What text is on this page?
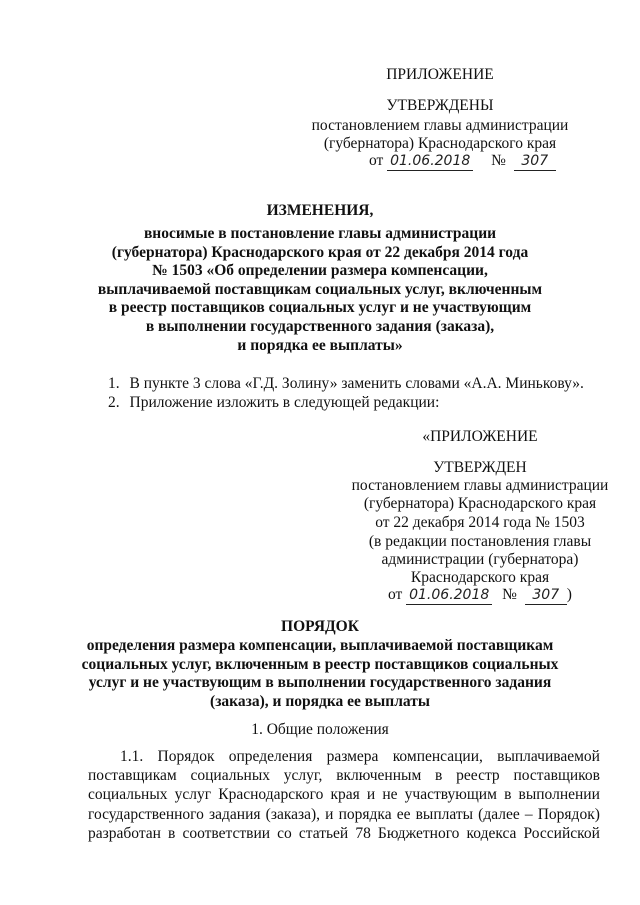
ПРИЛОЖЕНИЕ
УТВЕРЖДЕНЫ
постановлением главы администрации
(губернатора) Краснодарского края
от 01.06.2018 № 307
ИЗМЕНЕНИЯ,
вносимые в постановление главы администрации
(губернатора) Краснодарского края от 22 декабря 2014 года
№ 1503 «Об определении размера компенсации,
выплачиваемой поставщикам социальных услуг, включенным
в реестр поставщиков социальных услуг и не участвующим
в выполнении государственного задания (заказа),
и порядка ее выплаты»
1. В пункте 3 слова «Г.Д. Золину» заменить словами «А.А. Минькову».
2. Приложение изложить в следующей редакции:
«ПРИЛОЖЕНИЕ
УТВЕРЖДЕН
постановлением главы администрации
(губернатора) Краснодарского края
от 22 декабря 2014 года № 1503
(в редакции постановления главы
администрации (губернатора)
Краснодарского края
от 01.06.2018 № 307 )
ПОРЯДОК
определения размера компенсации, выплачиваемой поставщикам
социальных услуг, включенным в реестр поставщиков социальных
услуг и не участвующим в выполнении государственного задания
(заказа), и порядка ее выплаты
1. Общие положения
1.1. Порядок определения размера компенсации, выплачиваемой
поставщикам социальных услуг, включенным в реестр поставщиков
социальных услуг Краснодарского края и не участвующим в выполнении
государственного задания (заказа), и порядка ее выплаты (далее – Порядок)
разработан в соответствии со статьей 78 Бюджетного кодекса Российской
